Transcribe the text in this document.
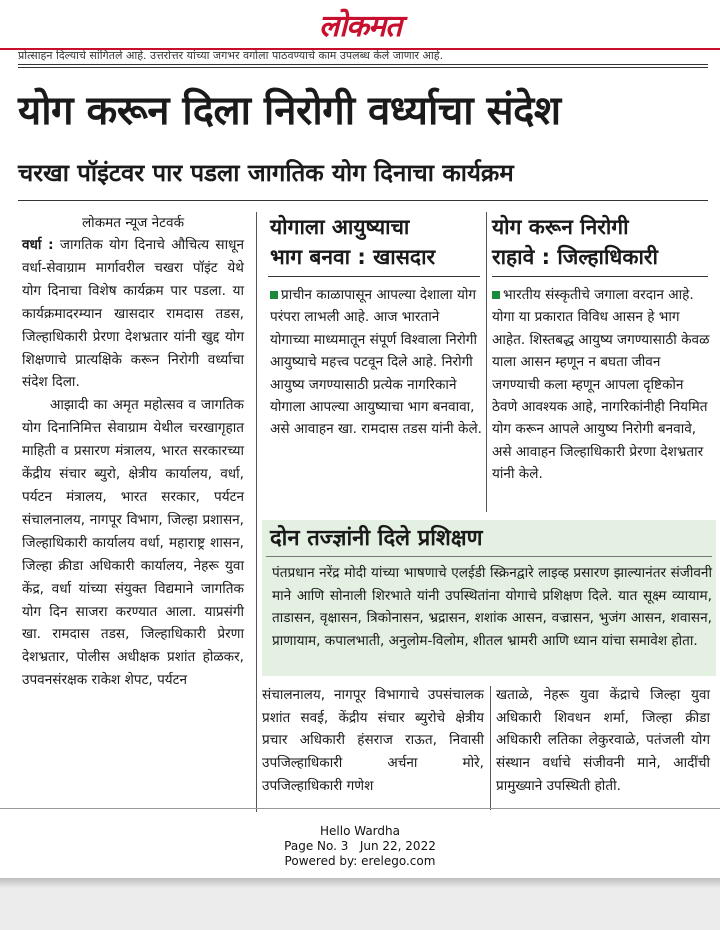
लोकमत
प्रोत्साहन दिल्याचे सांगितले आहे. उत्तरोत्तर यांच्या जगभर वर्गाला पाठवण्याचे काम उपलब्ध केले जाणार आहे.
योग करून दिला निरोगी वर्ध्याचा संदेश
चरखा पॉइंटवर पार पडला जागतिक योग दिनाचा कार्यक्रम
लोकमत न्यूज नेटवर्क

वर्धा : जागतिक योग दिनाचे औचित्य साधून वर्धा-सेवाग्राम मार्गावरील चखरा पॉइंट येथे योग दिनाचा विशेष कार्यक्रम पार पडला. या कार्यक्रमादरम्यान खासदार रामदास तडस, जिल्हाधिकारी प्रेरणा देशभ्रतार यांनी खुद्द योग शिक्षणाचे प्रात्यक्षिके करून निरोगी वर्ध्याचा संदेश दिला.

आझादी का अमृत महोत्सव व जागतिक योग दिनानिमित्त सेवाग्राम येथील चरखागृहात माहिती व प्रसारण मंत्रालय, भारत सरकारच्या केंद्रीय संचार ब्युरो, क्षेत्रीय कार्यालय, वर्धा, पर्यटन मंत्रालय, भारत सरकार, पर्यटन संचालनालय, नागपूर विभाग, जिल्हा प्रशासन, जिल्हाधिकारी कार्यालय वर्धा, महाराष्ट्र शासन, जिल्हा क्रीडा अधिकारी कार्यालय, नेहरू युवा केंद्र, वर्धा यांच्या संयुक्त विद्यमाने जागतिक योग दिन साजरा करण्यात आला. याप्रसंगी खा. रामदास तडस, जिल्हाधिकारी प्रेरणा देशभ्रतार, पोलीस अधीक्षक प्रशांत होळकर, उपवनसंरक्षक राकेश शेपट, पर्यटन

योगाला आयुष्याचा
भाग बनवा : खासदार
प्राचीन काळापासून आपल्या देशाला योग परंपरा लाभली आहे. आज भारताने योगाच्या माध्यमातून संपूर्ण विश्वाला निरोगी आयुष्याचे महत्त्व पटवून दिले आहे. निरोगी आयुष्य जगण्यासाठी प्रत्येक नागरिकाने योगाला आपल्या आयुष्याचा भाग बनवावा, असे आवाहन खा. रामदास तडस यांनी केले.
योग करून निरोगी
राहावे : जिल्हाधिकारी
भारतीय संस्कृतीचे जगाला वरदान आहे. योगा या प्रकारात विविध आसन हे भाग आहेत. शिस्तबद्ध आयुष्य जगण्यासाठी केवळ याला आसन म्हणून न बघता जीवन जगण्याची कला म्हणून आपला दृष्टिकोन ठेवणे आवश्यक आहे, नागरिकांनीही नियमित योग करून आपले आयुष्य निरोगी बनवावे, असे आवाहन जिल्हाधिकारी प्रेरणा देशभ्रतार यांनी केले.
दोन तज्ज्ञांनी दिले प्रशिक्षण
पंतप्रधान नरेंद्र मोदी यांच्या भाषणाचे एलईडी स्क्रिनद्वारे लाइव्ह प्रसारण झाल्यानंतर संजीवनी माने आणि सोनाली शिरभाते यांनी उपस्थितांना योगाचे प्रशिक्षण दिले. यात सूक्ष्म व्यायाम, ताडासन, वृक्षासन, त्रिकोनासन, भ्रद्रासन, शशांक आसन, वज्रासन, भुजंग आसन, शवासन, प्राणायाम, कपालभाती, अनुलोम-विलोम, शीतल भ्रामरी आणि ध्यान यांचा समावेश होता.
संचालनालय, नागपूर विभागाचे उपसंचालक प्रशांत सवई, केंद्रीय संचार ब्युरोचे क्षेत्रीय प्रचार अधिकारी हंसराज राऊत, निवासी उपजिल्हाधिकारी अर्चना मोरे, उपजिल्हाधिकारी गणेश
खताळे, नेहरू युवा केंद्राचे जिल्हा युवा अधिकारी शिवधन शर्मा, जिल्हा क्रीडा अधिकारी लतिका लेकुरवाळे, पतंजली योग संस्थान वर्धाचे संजीवनी माने, आदींची प्रामुख्याने उपस्थिती होती.
Hello Wardha
Page No. 3   Jun 22, 2022
Powered by: erelego.com
